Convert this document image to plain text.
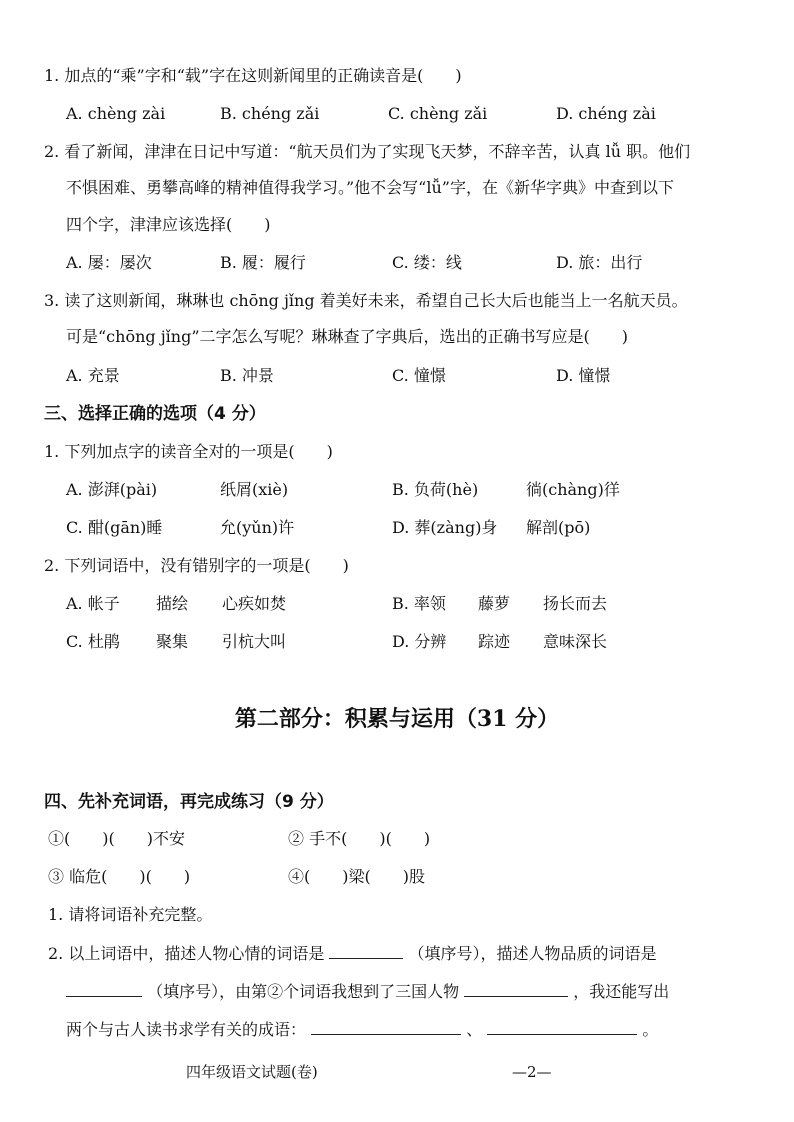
1. 加点的“乘”字和“载”字在这则新闻里的正确读音是(　　)
A. chèng zài	B. chéng zǎi	C. chèng zǎi	D. chéng zài
2. 看了新闻，津津在日记中写道：“航天员们为了实现飞天梦，不辞辛苦，认真 lǚ 职。他们
不惧困难、勇攀高峰的精神值得我学习。”他不会写“lǚ”字，在《新华字典》中查到以下
四个字，津津应该选择(　　)
A. 屡：屡次	B. 履：履行	C. 缕：线	D. 旅：出行
3. 读了这则新闻，琳琳也 chōng jǐng 着美好未来，希望自己长大后也能当上一名航天员。
可是“chōng jǐng”二字怎么写呢？琳琳查了字典后，选出的正确书写应是(　　)
A. 充景	B. 冲景	C. 憧憬	D. 憧憬
三、选择正确的选项（4 分）
1. 下列加点字的读音全对的一项是(　　)
A. 澎湃(pài)	纸屑(xiè)	B. 负荷(hè)	徜(chàng)徉
C. 酣(gān)睡	允(yǔn)许	D. 葬(zàng)身 解剖(pō)
2. 下列词语中，没有错别字的一项是(　　)
A. 帐子 描绘 心疾如焚	B. 率领 藤萝 扬长而去
C. 杜鹃 聚集 引杭大叫	D. 分辨 踪迹 意味深长
第二部分：积累与运用（31 分）
四、先补充词语，再完成练习（9 分）
①(　　)(　　)不安	② 手不(　　)(　　)
③ 临危(　　)(　　)	④(　　)梁(　　)股
1. 请将词语补充完整。
2. 以上词语中，描述人物心情的词语是	（填序号），描述人物品质的词语是
（填序号），由第②个词语我想到了三国人物	，我还能写出
两个与古人读书求学有关的成语：	、	。
四年级语文试题(卷)	—2—
